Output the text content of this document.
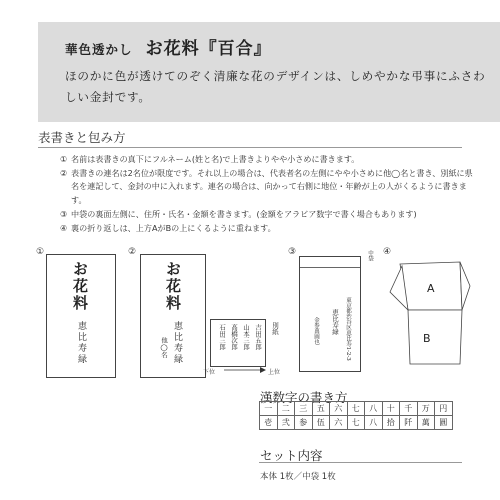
華色透かし お花料『百合』
ほのかに色が透けてのぞく清廉な花のデザインは、しめやかな弔事にふさわしい金封です。
表書きと包み方
① 名前は表書きの真下にフルネーム(姓と名)で上書きよりやや小さめに書きます。
② 表書きの連名は2名位が限度です。それ以上の場合は、代表者名の左側にやや小さめに他◯名と書き、別紙に県名を連記して、金封の中に入れます。連名の場合は、向かって右側に地位・年齢が上の人がくるように書きます。
③ 中袋の裏面左側に、住所・氏名・金額を書きます。(金額をアラビア数字で書く場合もあります)
④ 裏の折り返しは、上方AがBの上にくるように重ねます。
①
お花料
恵比寿緑
②
お花料
恵比寿緑
他◯名	吉田五郎
山本三郎
高橋次郎
石田三郎	別紙
下位	上位
③	中袋
東京都渋谷区恵比寿1-2-3
恵比寿緑
金参萬圓也
④
A
B
漢数字の書き方
一	二	三	五	六	七	八	十	千	万	円
壱	弐	参	伍	六	七	八	拾	阡	萬	圓
セット内容
本体 1枚／中袋 1枚
